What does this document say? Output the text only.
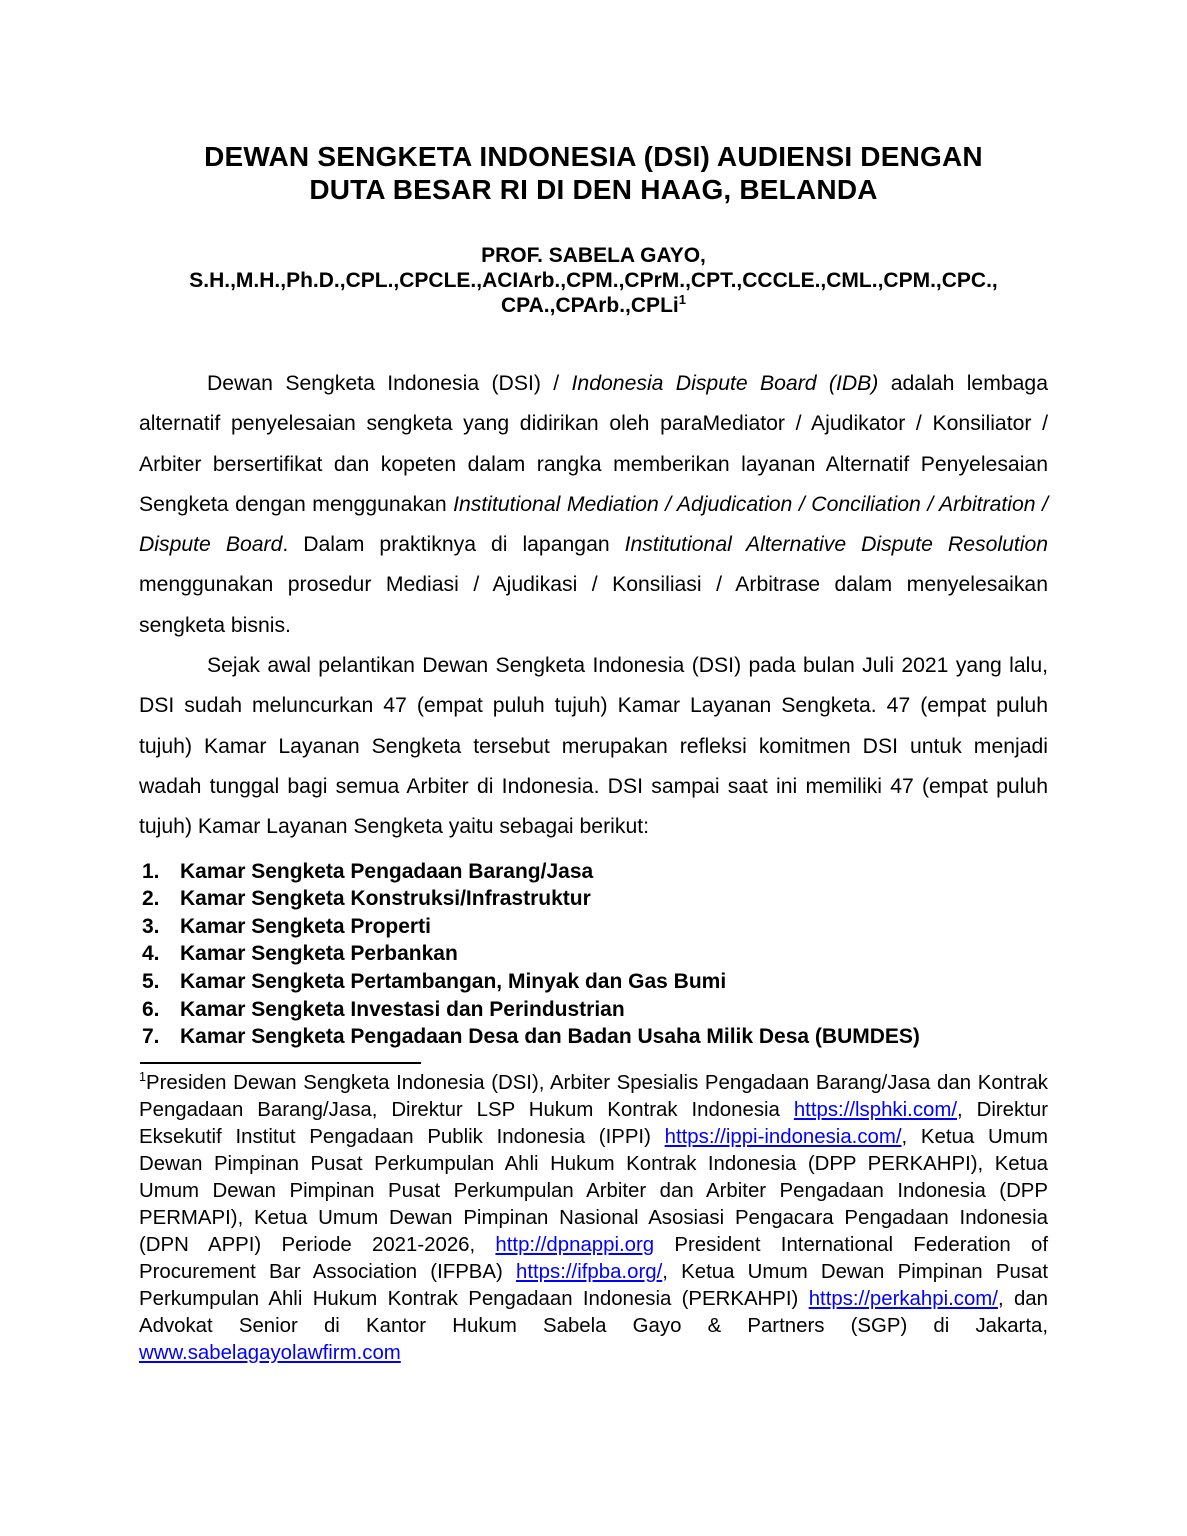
DEWAN SENGKETA INDONESIA (DSI) AUDIENSI DENGAN
DUTA BESAR RI DI DEN HAAG, BELANDA
PROF. SABELA GAYO,
S.H.,M.H.,Ph.D.,CPL.,CPCLE.,ACIArb.,CPM.,CPrM.,CPT.,CCCLE.,CML.,CPM.,CPC.,
CPA.,CPArb.,CPLi$^1$

Dewan Sengketa Indonesia (DSI) / Indonesia Dispute Board (IDB) adalah lembaga alternatif penyelesaian sengketa yang didirikan oleh paraMediator / Ajudikator / Konsiliator / Arbiter bersertifikat dan kopeten dalam rangka memberikan layanan Alternatif Penyelesaian Sengketa dengan menggunakan Institutional Mediation / Adjudication / Conciliation / Arbitration / Dispute Board. Dalam praktiknya di lapangan Institutional Alternative Dispute Resolution menggunakan prosedur Mediasi / Ajudikasi / Konsiliasi / Arbitrase dalam menyelesaikan sengketa bisnis.

Sejak awal pelantikan Dewan Sengketa Indonesia (DSI) pada bulan Juli 2021 yang lalu, DSI sudah meluncurkan 47 (empat puluh tujuh) Kamar Layanan Sengketa. 47 (empat puluh tujuh) Kamar Layanan Sengketa tersebut merupakan refleksi komitmen DSI untuk menjadi wadah tunggal bagi semua Arbiter di Indonesia. DSI sampai saat ini memiliki 47 (empat puluh tujuh) Kamar Layanan Sengketa yaitu sebagai berikut:

1. Kamar Sengketa Pengadaan Barang/Jasa
2. Kamar Sengketa Konstruksi/Infrastruktur
3. Kamar Sengketa Properti
4. Kamar Sengketa Perbankan
5. Kamar Sengketa Pertambangan, Minyak dan Gas Bumi
6. Kamar Sengketa Investasi dan Perindustrian
7. Kamar Sengketa Pengadaan Desa dan Badan Usaha Milik Desa (BUMDES)

$^1$Presiden Dewan Sengketa Indonesia (DSI), Arbiter Spesialis Pengadaan Barang/Jasa dan Kontrak Pengadaan Barang/Jasa, Direktur LSP Hukum Kontrak Indonesia https://lsphki.com/, Direktur Eksekutif Institut Pengadaan Publik Indonesia (IPPI) https://ippi-indonesia.com/, Ketua Umum Dewan Pimpinan Pusat Perkumpulan Ahli Hukum Kontrak Indonesia (DPP PERKAHPI), Ketua Umum Dewan Pimpinan Pusat Perkumpulan Arbiter dan Arbiter Pengadaan Indonesia (DPP PERMAPI), Ketua Umum Dewan Pimpinan Nasional Asosiasi Pengacara Pengadaan Indonesia (DPN APPI) Periode 2021-2026, http://dpnappi.org President International Federation of Procurement Bar Association (IFPBA) https://ifpba.org/, Ketua Umum Dewan Pimpinan Pusat Perkumpulan Ahli Hukum Kontrak Pengadaan Indonesia (PERKAHPI) https://perkahpi.com/, dan Advokat Senior di Kantor Hukum Sabela Gayo & Partners (SGP) di Jakarta, www.sabelagayolawfirm.com
